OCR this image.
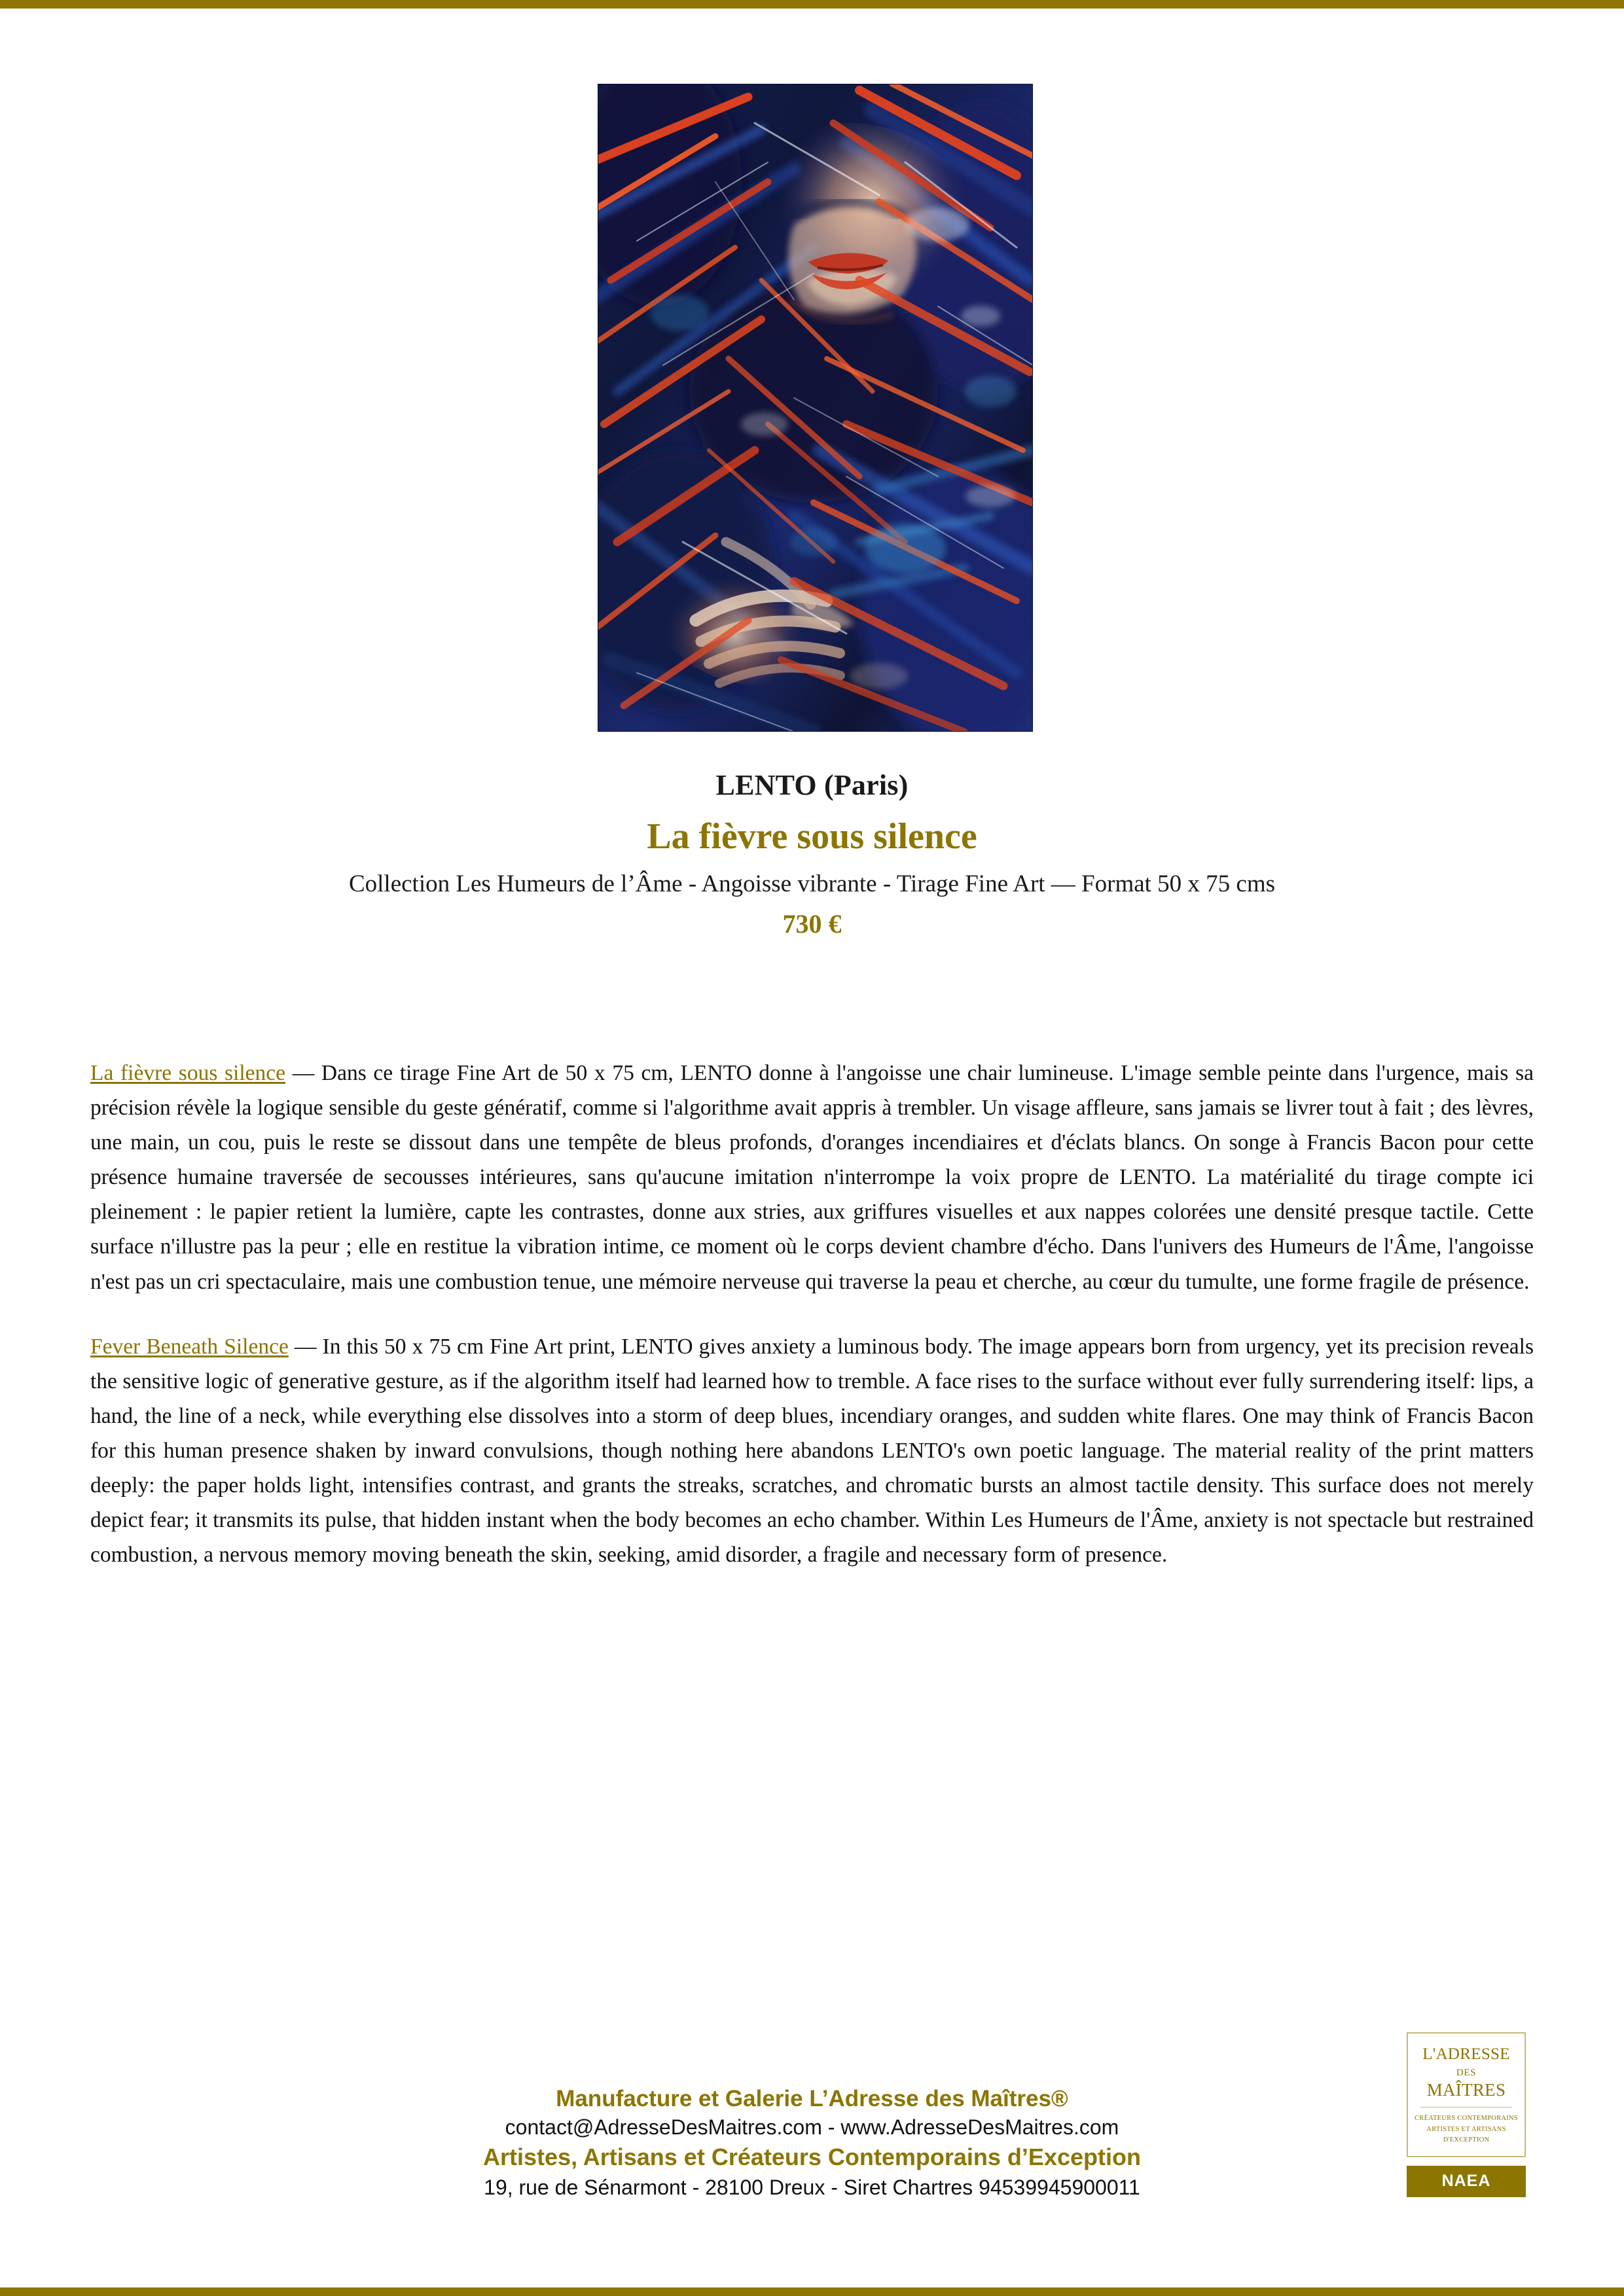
LENTO (Paris)
La fièvre sous silence
Collection Les Humeurs de l’Âme - Angoisse vibrante - Tirage Fine Art — Format 50 x 75 cms
730 €

La fièvre sous silence — Dans ce tirage Fine Art de 50 x 75 cm, LENTO donne à l'angoisse une chair lumineuse. L'image semble peinte dans l'urgence, mais sa précision révèle la logique sensible du geste génératif, comme si l'algorithme avait appris à trembler. Un visage affleure, sans jamais se livrer tout à fait ; des lèvres, une main, un cou, puis le reste se dissout dans une tempête de bleus profonds, d'oranges incendiaires et d'éclats blancs. On songe à Francis Bacon pour cette présence humaine traversée de secousses intérieures, sans qu'aucune imitation n'interrompe la voix propre de LENTO. La matérialité du tirage compte ici pleinement : le papier retient la lumière, capte les contrastes, donne aux stries, aux griffures visuelles et aux nappes colorées une densité presque tactile. Cette surface n'illustre pas la peur ; elle en restitue la vibration intime, ce moment où le corps devient chambre d'écho. Dans l'univers des Humeurs de l'Âme, l'angoisse n'est pas un cri spectaculaire, mais une combustion tenue, une mémoire nerveuse qui traverse la peau et cherche, au cœur du tumulte, une forme fragile de présence.

Fever Beneath Silence — In this 50 x 75 cm Fine Art print, LENTO gives anxiety a luminous body. The image appears born from urgency, yet its precision reveals the sensitive logic of generative gesture, as if the algorithm itself had learned how to tremble. A face rises to the surface without ever fully surrendering itself: lips, a hand, the line of a neck, while everything else dissolves into a storm of deep blues, incendiary oranges, and sudden white flares. One may think of Francis Bacon for this human presence shaken by inward convulsions, though nothing here abandons LENTO's own poetic language. The material reality of the print matters deeply: the paper holds light, intensifies contrast, and grants the streaks, scratches, and chromatic bursts an almost tactile density. This surface does not merely depict fear; it transmits its pulse, that hidden instant when the body becomes an echo chamber. Within Les Humeurs de l'Âme, anxiety is not spectacle but restrained combustion, a nervous memory moving beneath the skin, seeking, amid disorder, a fragile and necessary form of presence.

Manufacture et Galerie L’Adresse des Maîtres®
contact@AdresseDesMaitres.com - www.AdresseDesMaitres.com
Artistes, Artisans et Créateurs Contemporains d’Exception
19, rue de Sénarmont - 28100 Dreux - Siret Chartres 94539945900011
L'ADRESSE
DES
MAÎTRES
CRÉATEURS CONTEMPORAINS
ARTISTES ET ARTISANS
D'EXCEPTION
NAEA
